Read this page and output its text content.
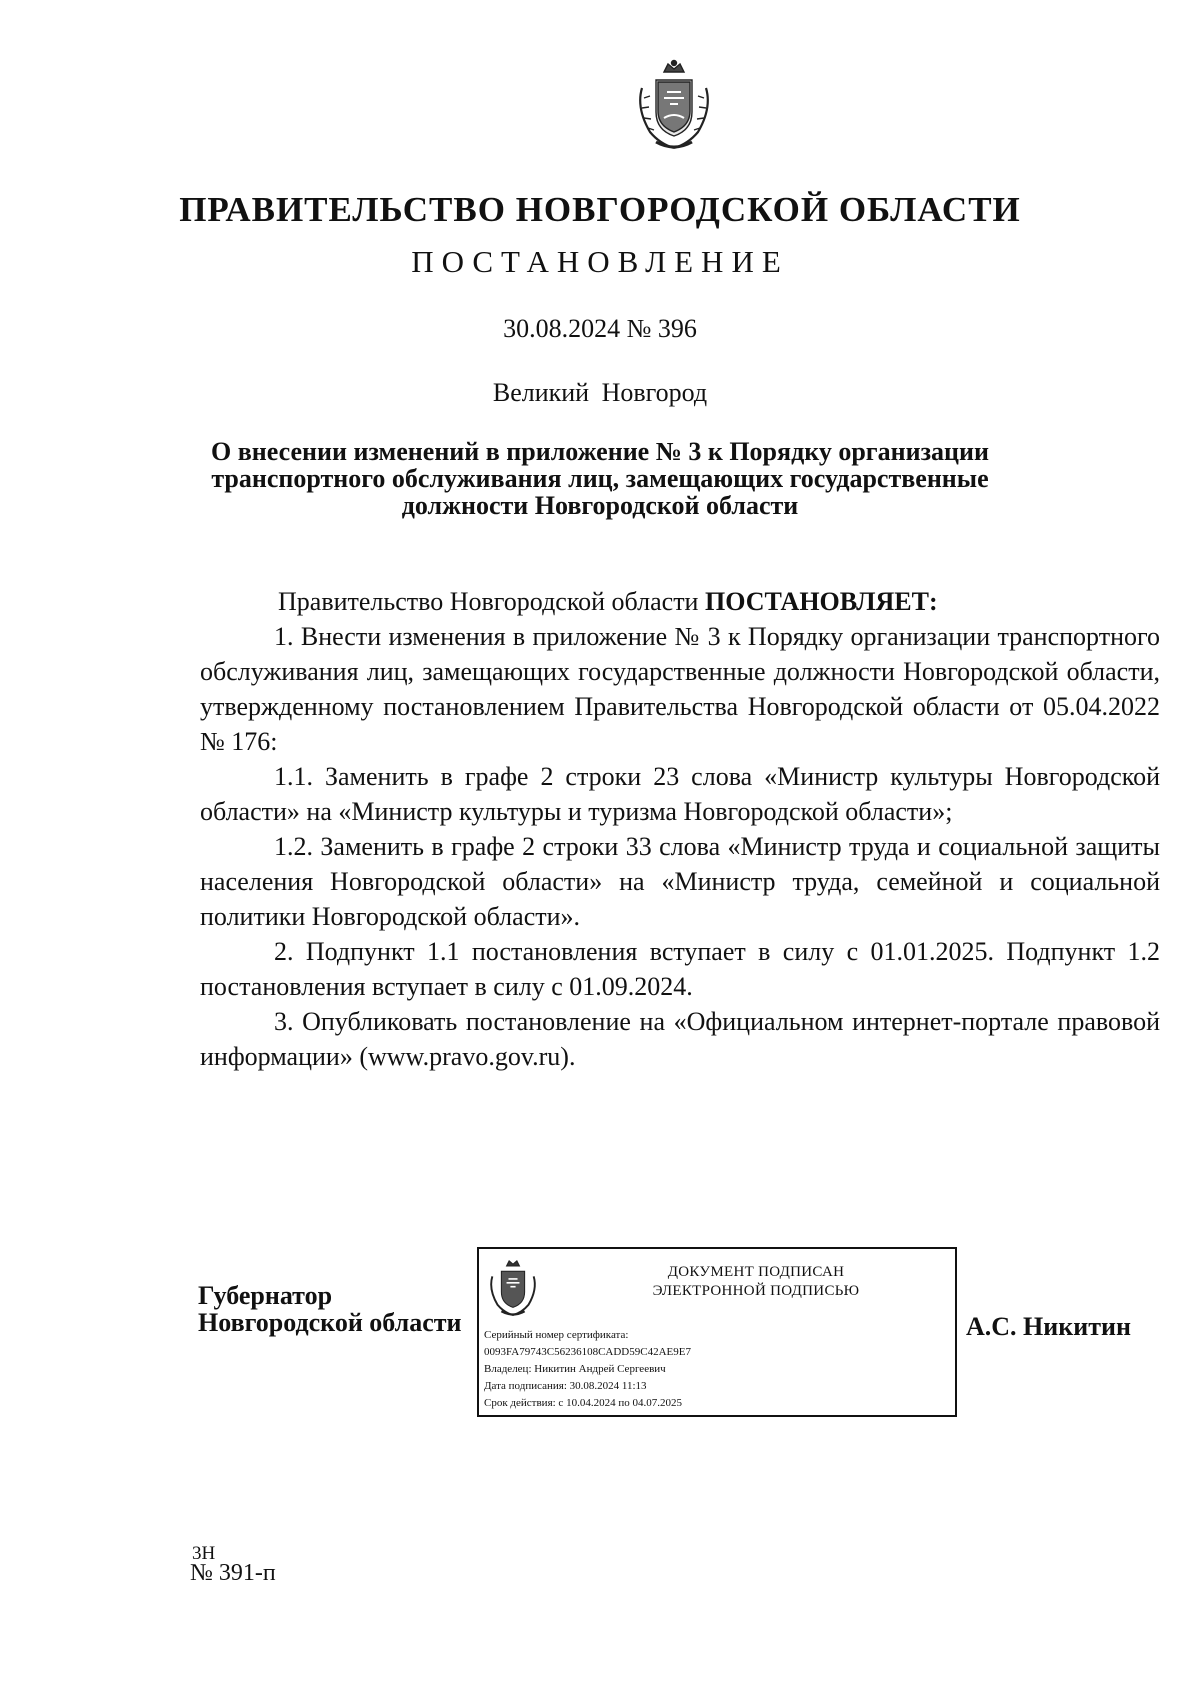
ПРАВИТЕЛЬСТВО НОВГОРОДСКОЙ ОБЛАСТИ
ПОСТАНОВЛЕНИЕ
30.08.2024 № 396
Великий Новгород
О внесении изменений в приложение № 3 к Порядку организации
транспортного обслуживания лиц, замещающих государственные
должности Новгородской области

Правительство Новгородской области ПОСТАНОВЛЯЕТ:

1. Внести изменения в приложение № 3 к Порядку организации транспортного обслуживания лиц, замещающих государственные должности Новгородской области, утвержденному постановлением Правительства Новгородской области от 05.04.2022 № 176:

1.1. Заменить в графе 2 строки 23 слова «Министр культуры Новгородской области» на «Министр культуры и туризма Новгородской области»;

1.2. Заменить в графе 2 строки 33 слова «Министр труда и социальной защиты населения Новгородской области» на «Министр труда, семейной и социальной политики Новгородской области».

2. Подпункт 1.1 постановления вступает в силу с 01.01.2025. Подпункт 1.2 постановления вступает в силу с 01.09.2024.

3. Опубликовать постановление на «Официальном интернет-портале правовой информации» (www.pravo.gov.ru).

Губернатор
Новгородской области
ДОКУМЕНТ ПОДПИСАН
ЭЛЕКТРОННОЙ ПОДПИСЬЮ
Серийный номер сертификата:
0093FA79743C56236108CADD59C42AE9E7
Владелец: Никитин Андрей Сергеевич
Дата подписания: 30.08.2024 11:13
Срок действия: с 10.04.2024 по 04.07.2025
А.С. Никитин
3Н
№ 391-п
